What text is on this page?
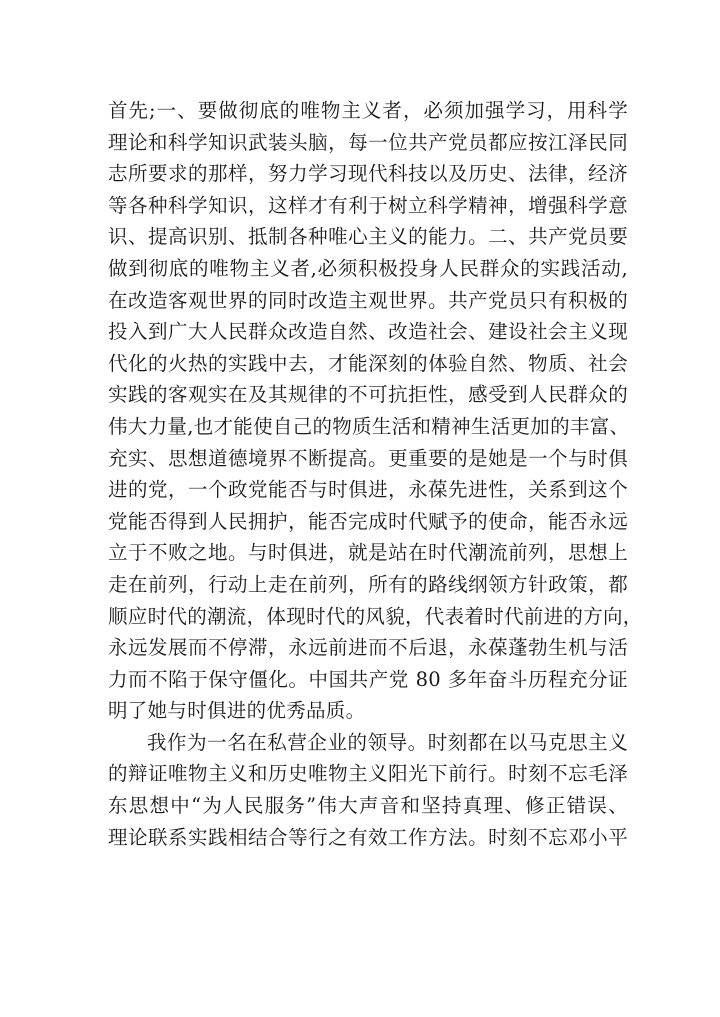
首先;一、要做彻底的唯物主义者，必须加强学习，用科学
理论和科学知识武装头脑，每一位共产党员都应按江泽民同
志所要求的那样，努力学习现代科技以及历史、法律，经济
等各种科学知识，这样才有利于树立科学精神，增强科学意
识、提高识别、抵制各种唯心主义的能力。二、共产党员要
做到彻底的唯物主义者,必须积极投身人民群众的实践活动,
在改造客观世界的同时改造主观世界。共产党员只有积极的
投入到广大人民群众改造自然、改造社会、建设社会主义现
代化的火热的实践中去，才能深刻的体验自然、物质、社会
实践的客观实在及其规律的不可抗拒性，感受到人民群众的
伟大力量,也才能使自己的物质生活和精神生活更加的丰富、
充实、思想道德境界不断提高。更重要的是她是一个与时俱
进的党，一个政党能否与时俱进，永葆先进性，关系到这个
党能否得到人民拥护，能否完成时代赋予的使命，能否永远
立于不败之地。与时俱进，就是站在时代潮流前列，思想上
走在前列，行动上走在前列，所有的路线纲领方针政策，都
顺应时代的潮流，体现时代的风貌，代表着时代前进的方向，
永远发展而不停滞，永远前进而不后退，永葆蓬勃生机与活
力而不陷于保守僵化。中国共产党 80 多年奋斗历程充分证
明了她与时俱进的优秀品质。
我作为一名在私营企业的领导。时刻都在以马克思主义
的辩证唯物主义和历史唯物主义阳光下前行。时刻不忘毛泽
东思想中“为人民服务”伟大声音和坚持真理、修正错误、
理论联系实践相结合等行之有效工作方法。时刻不忘邓小平
